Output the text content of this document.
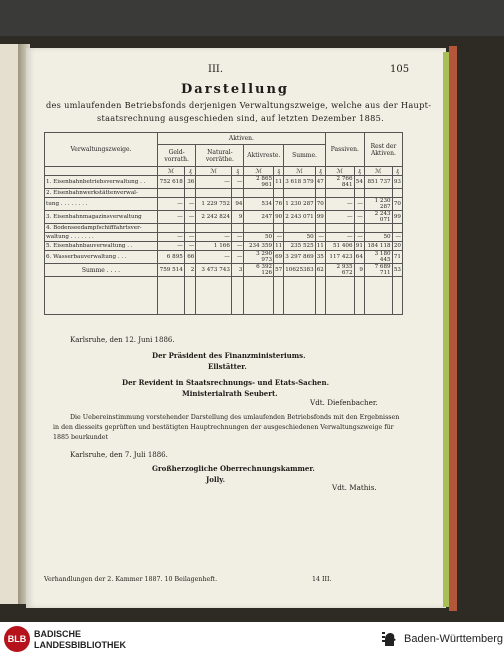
III.	105
Darstellung
des umlaufenden Betriebsfonds derjenigen Verwaltungszweige, welche aus der Haupt-
staatsrechnung ausgeschieden sind, auf letzten Dezember 1885.
Verwaltungszweige.	Aktiven.								Passiven.		Rest der Aktiven.	
	Geld-vorrath.		Natural-vorräthe.		Aktivreste.		Summe.					
	ℳ	₰	ℳ	₰	ℳ	₰	ℳ	₰	ℳ	₰	ℳ	₰
1. Eisenbahnbetriebsverwaltung . .	752 618	36	—	—	2 865 961	11	3 618 579	47	2 766 841	54	851 737	93
2. Eisenbahnwerkstättenverwal-												
tung . . . . . . . .	—	—	1 229 752	94	534	76	1 230 287	70	—	—	1 230 287	70
3. Eisenbahnmagazinsverwaltung	—	—	2 242 824	9	247	90	2 243 071	99	—	—	2 243 071	99
4. Bodenseedampfschifffahrtsver-												
waltung . . . . . . .	—	—	—	—	50	—	50	—	—	—	50	—
5. Eisenbahnbauverwaltung . .	—	—	1 166	—	234 359	11	235 525	11	51 406	91	184 118	20
6. Wasserbauverwaltung . . .	6 895	66	—	—	3 290 973	69	3 297 869	35	117 423	64	3 180 445	71
Summe . . . .	759 514	2	3 473 743	3	6 392 126	57	10625383	62	2 935 672	9	7 689 711	53

Karlsruhe, den 12. Juni 1886.
Der Präsident des Finanzministeriums.
Ellstätter.
Der Revident in Staatsrechnungs- und Etats-Sachen.
Ministerialrath Seubert.
Vdt. Diefenbacher.
Die Uebereinstimmung vorstehender Darstellung des umlaufenden Betriebsfonds mit den Ergebnissen
in den diesseits geprüften und bestätigten Hauptrechnungen der ausgeschiedenen Verwaltungszweige für
1885 beurkundet
Karlsruhe, den 7. Juli 1886.
Großherzogliche Oberrechnungskammer.
Jolly.
Vdt. Mathis.
Verhandlungen der 2. Kammer 1887. 10 Beilagenheft.	14 III.
BLB BADISCHE
LANDESBIBLIOTHEK	Baden-Württemberg
